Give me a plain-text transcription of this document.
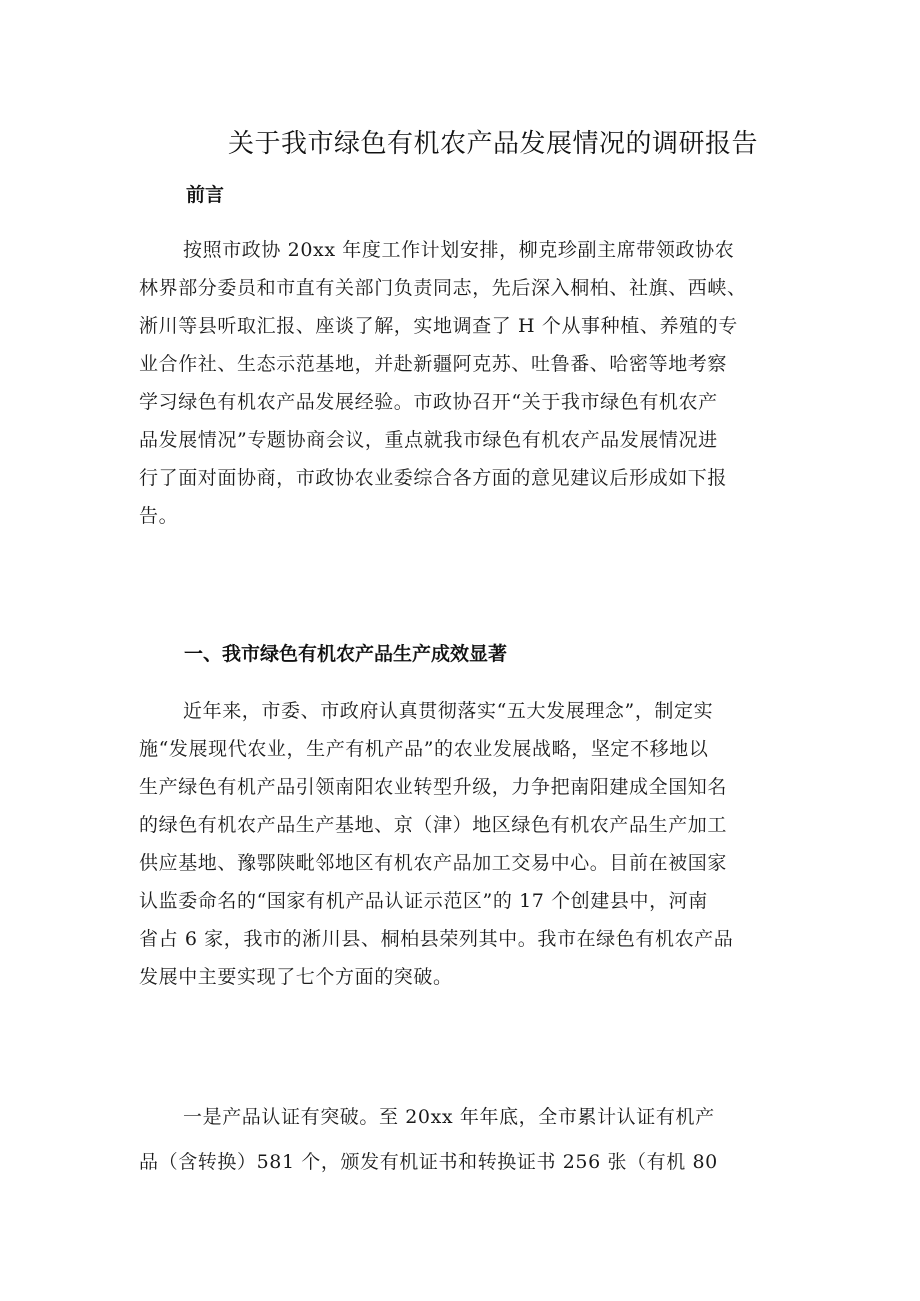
关于我市绿色有机农产品发展情况的调研报告
前言
按照市政协 20xx 年度工作计划安排，柳克珍副主席带领政协农
林界部分委员和市直有关部门负责同志，先后深入桐柏、社旗、西峡、
淅川等县听取汇报、座谈了解，实地调查了 H 个从事种植、养殖的专
业合作社、生态示范基地，并赴新疆阿克苏、吐鲁番、哈密等地考察
学习绿色有机农产品发展经验。市政协召开“关于我市绿色有机农产
品发展情况”专题协商会议，重点就我市绿色有机农产品发展情况进
行了面对面协商，市政协农业委综合各方面的意见建议后形成如下报
告。
一、我市绿色有机农产品生产成效显著
近年来，市委、市政府认真贯彻落实“五大发展理念”，制定实
施“发展现代农业，生产有机产品”的农业发展战略，坚定不移地以
生产绿色有机产品引领南阳农业转型升级，力争把南阳建成全国知名
的绿色有机农产品生产基地、京（津）地区绿色有机农产品生产加工
供应基地、豫鄂陕毗邻地区有机农产品加工交易中心。目前在被国家
认监委命名的“国家有机产品认证示范区”的 17 个创建县中，河南
省占 6 家，我市的淅川县、桐柏县荣列其中。我市在绿色有机农产品
发展中主要实现了七个方面的突破。
一是产品认证有突破。至 20xx 年年底，全市累计认证有机产
品（含转换）581 个，颁发有机证书和转换证书 256 张（有机 80
